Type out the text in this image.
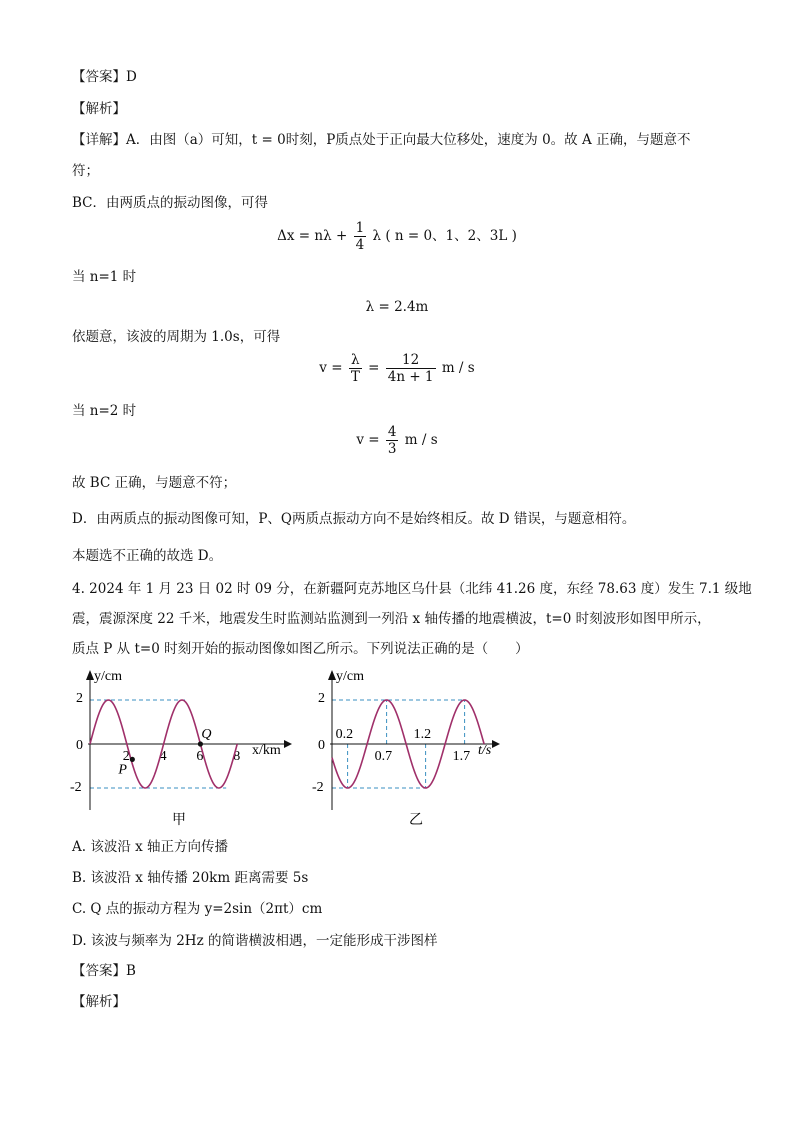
【答案】D
【解析】
【详解】A．由图（a）可知，t = 0时刻，P质点处于正向最大位移处，速度为 0。故 A 正确，与题意不
符；
BC．由两质点的振动图像，可得
$\Delta x = n\lambda + \frac{1}{4}$ λ ( n = 0、1、2、3L )
当 n=1 时
λ = 2.4m
依题意，该波的周期为 1.0s，可得
$v = \frac{\lambda}{T} = \frac{12}{4n + 1}$ m / s
当 n=2 时
$v = \frac{4}{3}$ m / s
故 BC 正确，与题意不符；
D．由两质点的振动图像可知，P、Q两质点振动方向不是始终相反。故 D 错误，与题意相符。
本题选不正确的故选 D。
4. 2024 年 1 月 23 日 02 时 09 分，在新疆阿克苏地区乌什县（北纬 41.26 度，东经 78.63 度）发生 7.1 级地
震，震源深度 22 千米，地震发生时监测站监测到一列沿 x 轴传播的地震横波，t=0 时刻波形如图甲所示，
质点 P 从 t=0 时刻开始的振动图像如图乙所示。下列说法正确的是（　　）
y/cm
x/km
2
0
-2
2 4 6 8
P
Q
甲
y/cm
t/s
2
0
-2
0.2
0.7
1.2
1.7
乙
A. 该波沿 x 轴正方向传播
B. 该波沿 x 轴传播 20km 距离需要 5s
C. Q 点的振动方程为 y=2sin（2πt）cm
D. 该波与频率为 2Hz 的简谐横波相遇，一定能形成干涉图样
【答案】B
【解析】
